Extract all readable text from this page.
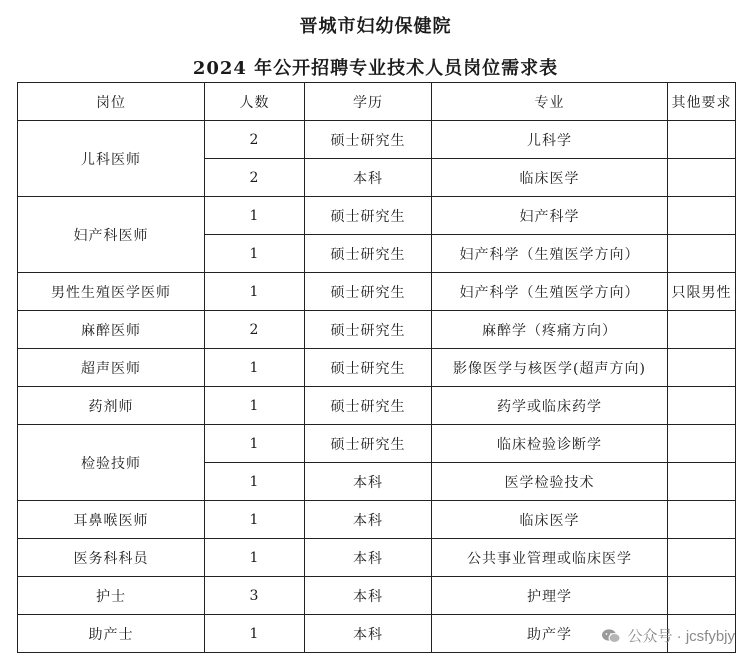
晋城市妇幼保健院
2024 年公开招聘专业技术人员岗位需求表
岗位	人数	学历	专业	其他要求
儿科医师	2	硕士研究生	儿科学	
	2	本科	临床医学	
妇产科医师	1	硕士研究生	妇产科学	
	1	硕士研究生	妇产科学（生殖医学方向）	
男性生殖医学医师	1	硕士研究生	妇产科学（生殖医学方向）	只限男性
麻醉医师	2	硕士研究生	麻醉学（疼痛方向）	
超声医师	1	硕士研究生	影像医学与核医学(超声方向)	
药剂师	1	硕士研究生	药学或临床药学	
检验技师	1	硕士研究生	临床检验诊断学	
	1	本科	医学检验技术	
耳鼻喉医师	1	本科	临床医学	
医务科科员	1	本科	公共事业管理或临床医学	
护士	3	本科	护理学	
助产士	1	本科	助产学		公众号 · jcsfybjy
